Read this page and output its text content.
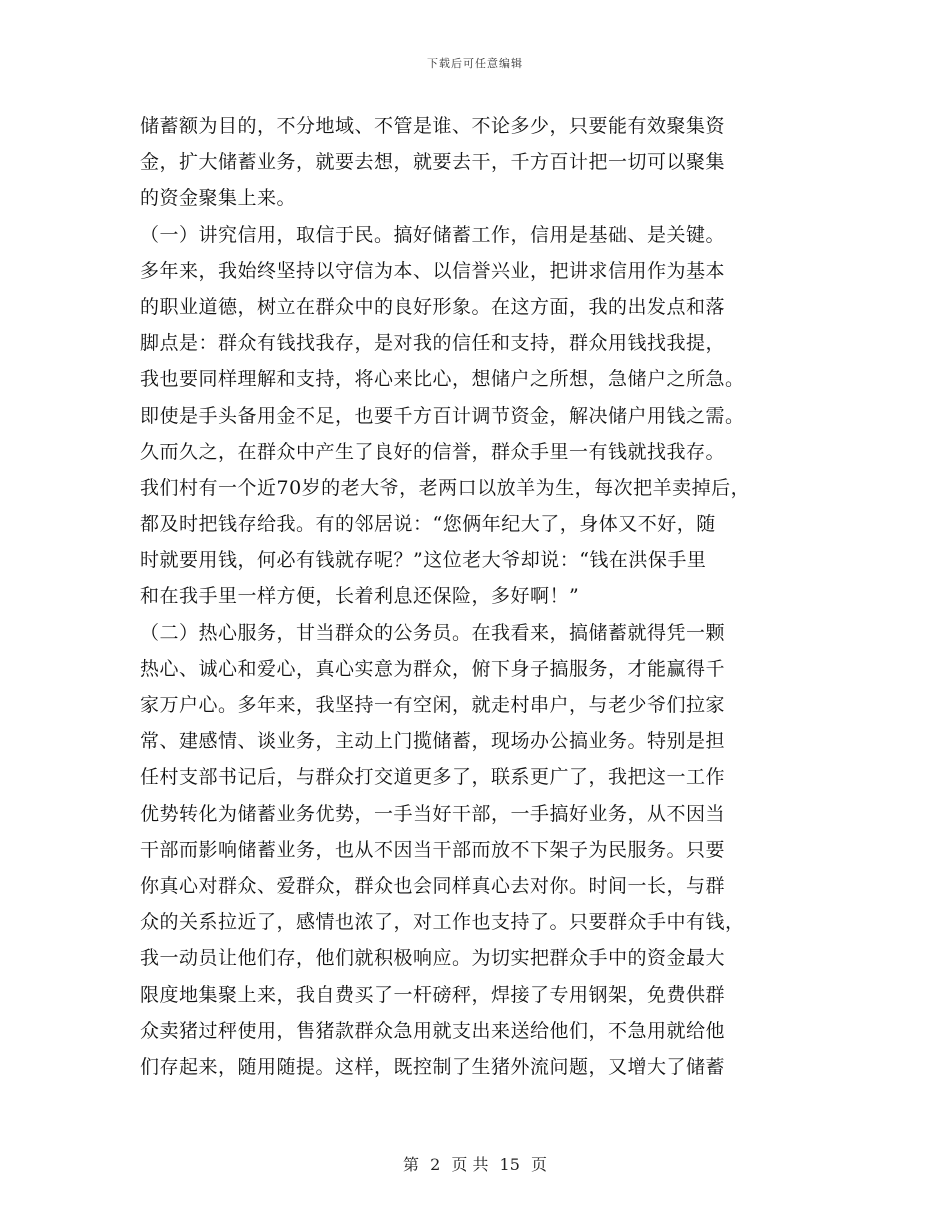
下载后可任意编辑
储蓄额为目的，不分地域、不管是谁、不论多少，只要能有效聚集资
金，扩大储蓄业务，就要去想，就要去干，千方百计把一切可以聚集
的资金聚集上来。
（一）讲究信用，取信于民。搞好储蓄工作，信用是基础、是关键。
多年来，我始终坚持以守信为本、以信誉兴业，把讲求信用作为基本
的职业道德，树立在群众中的良好形象。在这方面，我的出发点和落
脚点是：群众有钱找我存，是对我的信任和支持，群众用钱找我提，
我也要同样理解和支持，将心来比心，想储户之所想，急储户之所急。
即使是手头备用金不足，也要千方百计调节资金，解决储户用钱之需。
久而久之，在群众中产生了良好的信誉，群众手里一有钱就找我存。
我们村有一个近70岁的老大爷，老两口以放羊为生，每次把羊卖掉后，
都及时把钱存给我。有的邻居说：“您俩年纪大了，身体又不好，随
时就要用钱，何必有钱就存呢？”这位老大爷却说：“钱在洪保手里
和在我手里一样方便，长着利息还保险，多好啊！”
（二）热心服务，甘当群众的公务员。在我看来，搞储蓄就得凭一颗
热心、诚心和爱心，真心实意为群众，俯下身子搞服务，才能赢得千
家万户心。多年来，我坚持一有空闲，就走村串户，与老少爷们拉家
常、建感情、谈业务，主动上门揽储蓄，现场办公搞业务。特别是担
任村支部书记后，与群众打交道更多了，联系更广了，我把这一工作
优势转化为储蓄业务优势，一手当好干部，一手搞好业务，从不因当
干部而影响储蓄业务，也从不因当干部而放不下架子为民服务。只要
你真心对群众、爱群众，群众也会同样真心去对你。时间一长，与群
众的关系拉近了，感情也浓了，对工作也支持了。只要群众手中有钱，
我一动员让他们存，他们就积极响应。为切实把群众手中的资金最大
限度地集聚上来，我自费买了一杆磅秤，焊接了专用钢架，免费供群
众卖猪过秤使用，售猪款群众急用就支出来送给他们，不急用就给他
们存起来，随用随提。这样，既控制了生猪外流问题，又增大了储蓄
第 2 页 共 15 页
